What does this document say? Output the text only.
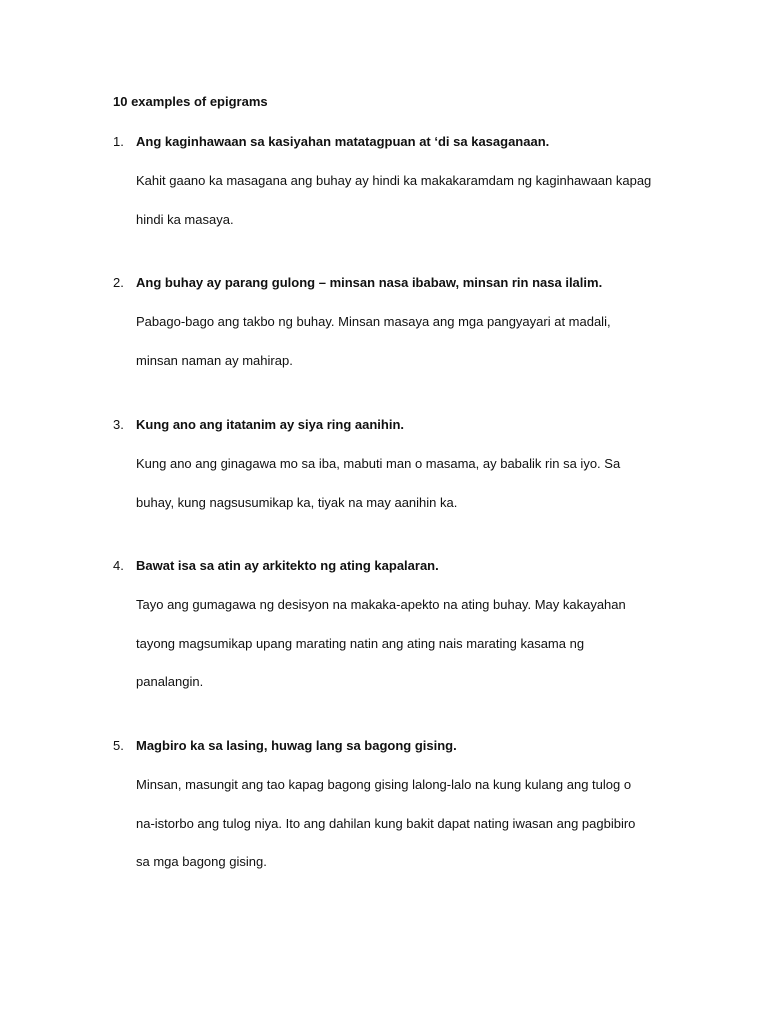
10 examples of epigrams
1. Ang kaginhawaan sa kasiyahan matatagpuan at ‘di sa kasaganaan.

Kahit gaano ka masagana ang buhay ay hindi ka makakaramdam ng kaginhawaan kapag
hindi ka masaya.
2. Ang buhay ay parang gulong – minsan nasa ibabaw, minsan rin nasa ilalim.

Pabago-bago ang takbo ng buhay. Minsan masaya ang mga pangyayari at madali,
minsan naman ay mahirap.
3. Kung ano ang itatanim ay siya ring aanihin.

Kung ano ang ginagawa mo sa iba, mabuti man o masama, ay babalik rin sa iyo. Sa
buhay, kung nagsusumikap ka, tiyak na may aanihin ka.
4. Bawat isa sa atin ay arkitekto ng ating kapalaran.

Tayo ang gumagawa ng desisyon na makaka-apekto na ating buhay. May kakayahan
tayong magsumikap upang marating natin ang ating nais marating kasama ng
panalangin.
5. Magbiro ka sa lasing, huwag lang sa bagong gising.

Minsan, masungit ang tao kapag bagong gising lalong-lalo na kung kulang ang tulog o
na-istorbo ang tulog niya. Ito ang dahilan kung bakit dapat nating iwasan ang pagbibiro
sa mga bagong gising.
